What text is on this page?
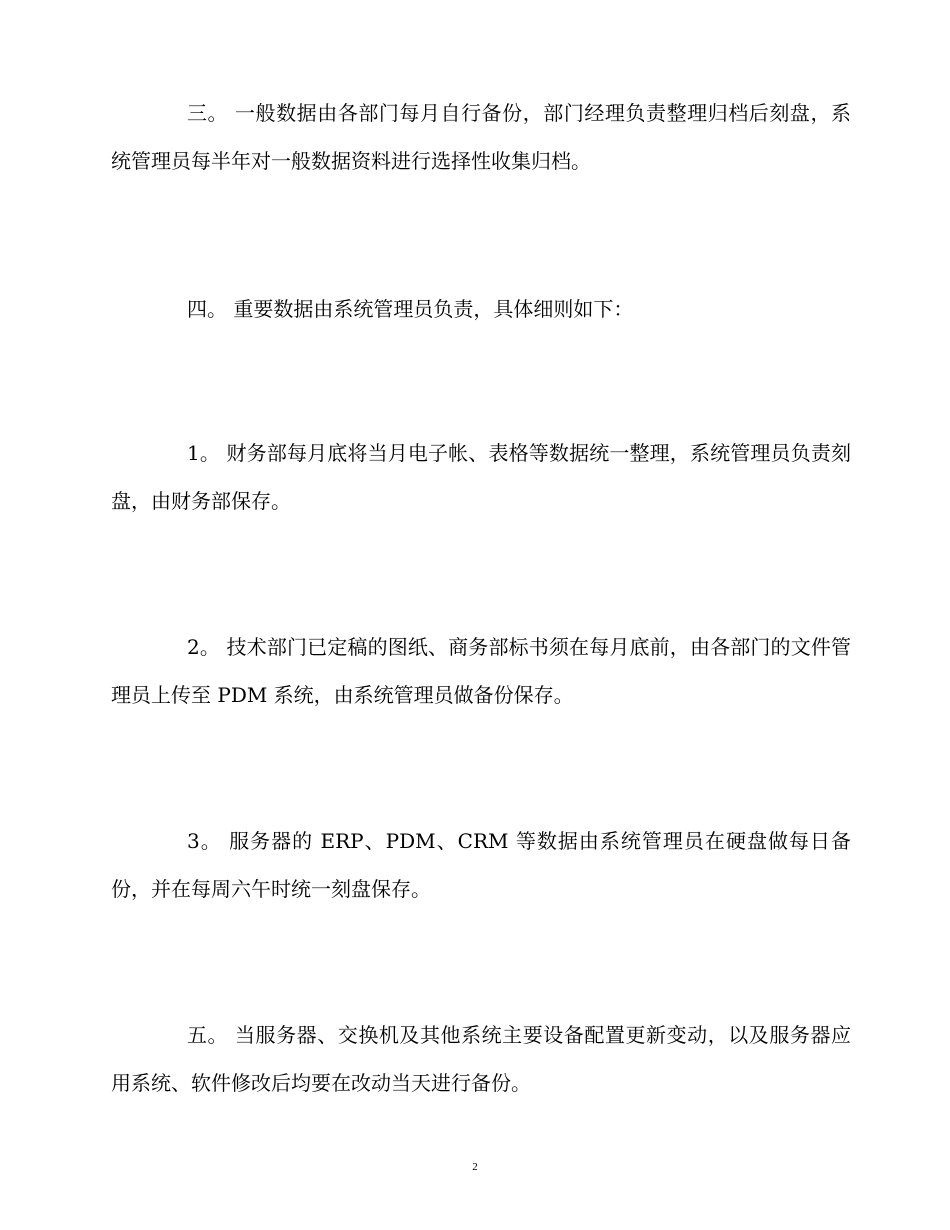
三。 一般数据由各部门每月自行备份，部门经理负责整理归档后刻盘，系统管理员每半年对一般数据资料进行选择性收集归档。

四。 重要数据由系统管理员负责，具体细则如下：

1。 财务部每月底将当月电子帐、表格等数据统一整理，系统管理员负责刻盘，由财务部保存。

2。 技术部门已定稿的图纸、商务部标书须在每月底前，由各部门的文件管理员上传至 PDM 系统，由系统管理员做备份保存。

3。 服务器的 ERP、PDM、CRM 等数据由系统管理员在硬盘做每日备份，并在每周六午时统一刻盘保存。

五。 当服务器、交换机及其他系统主要设备配置更新变动，以及服务器应用系统、软件修改后均要在改动当天进行备份。

2
